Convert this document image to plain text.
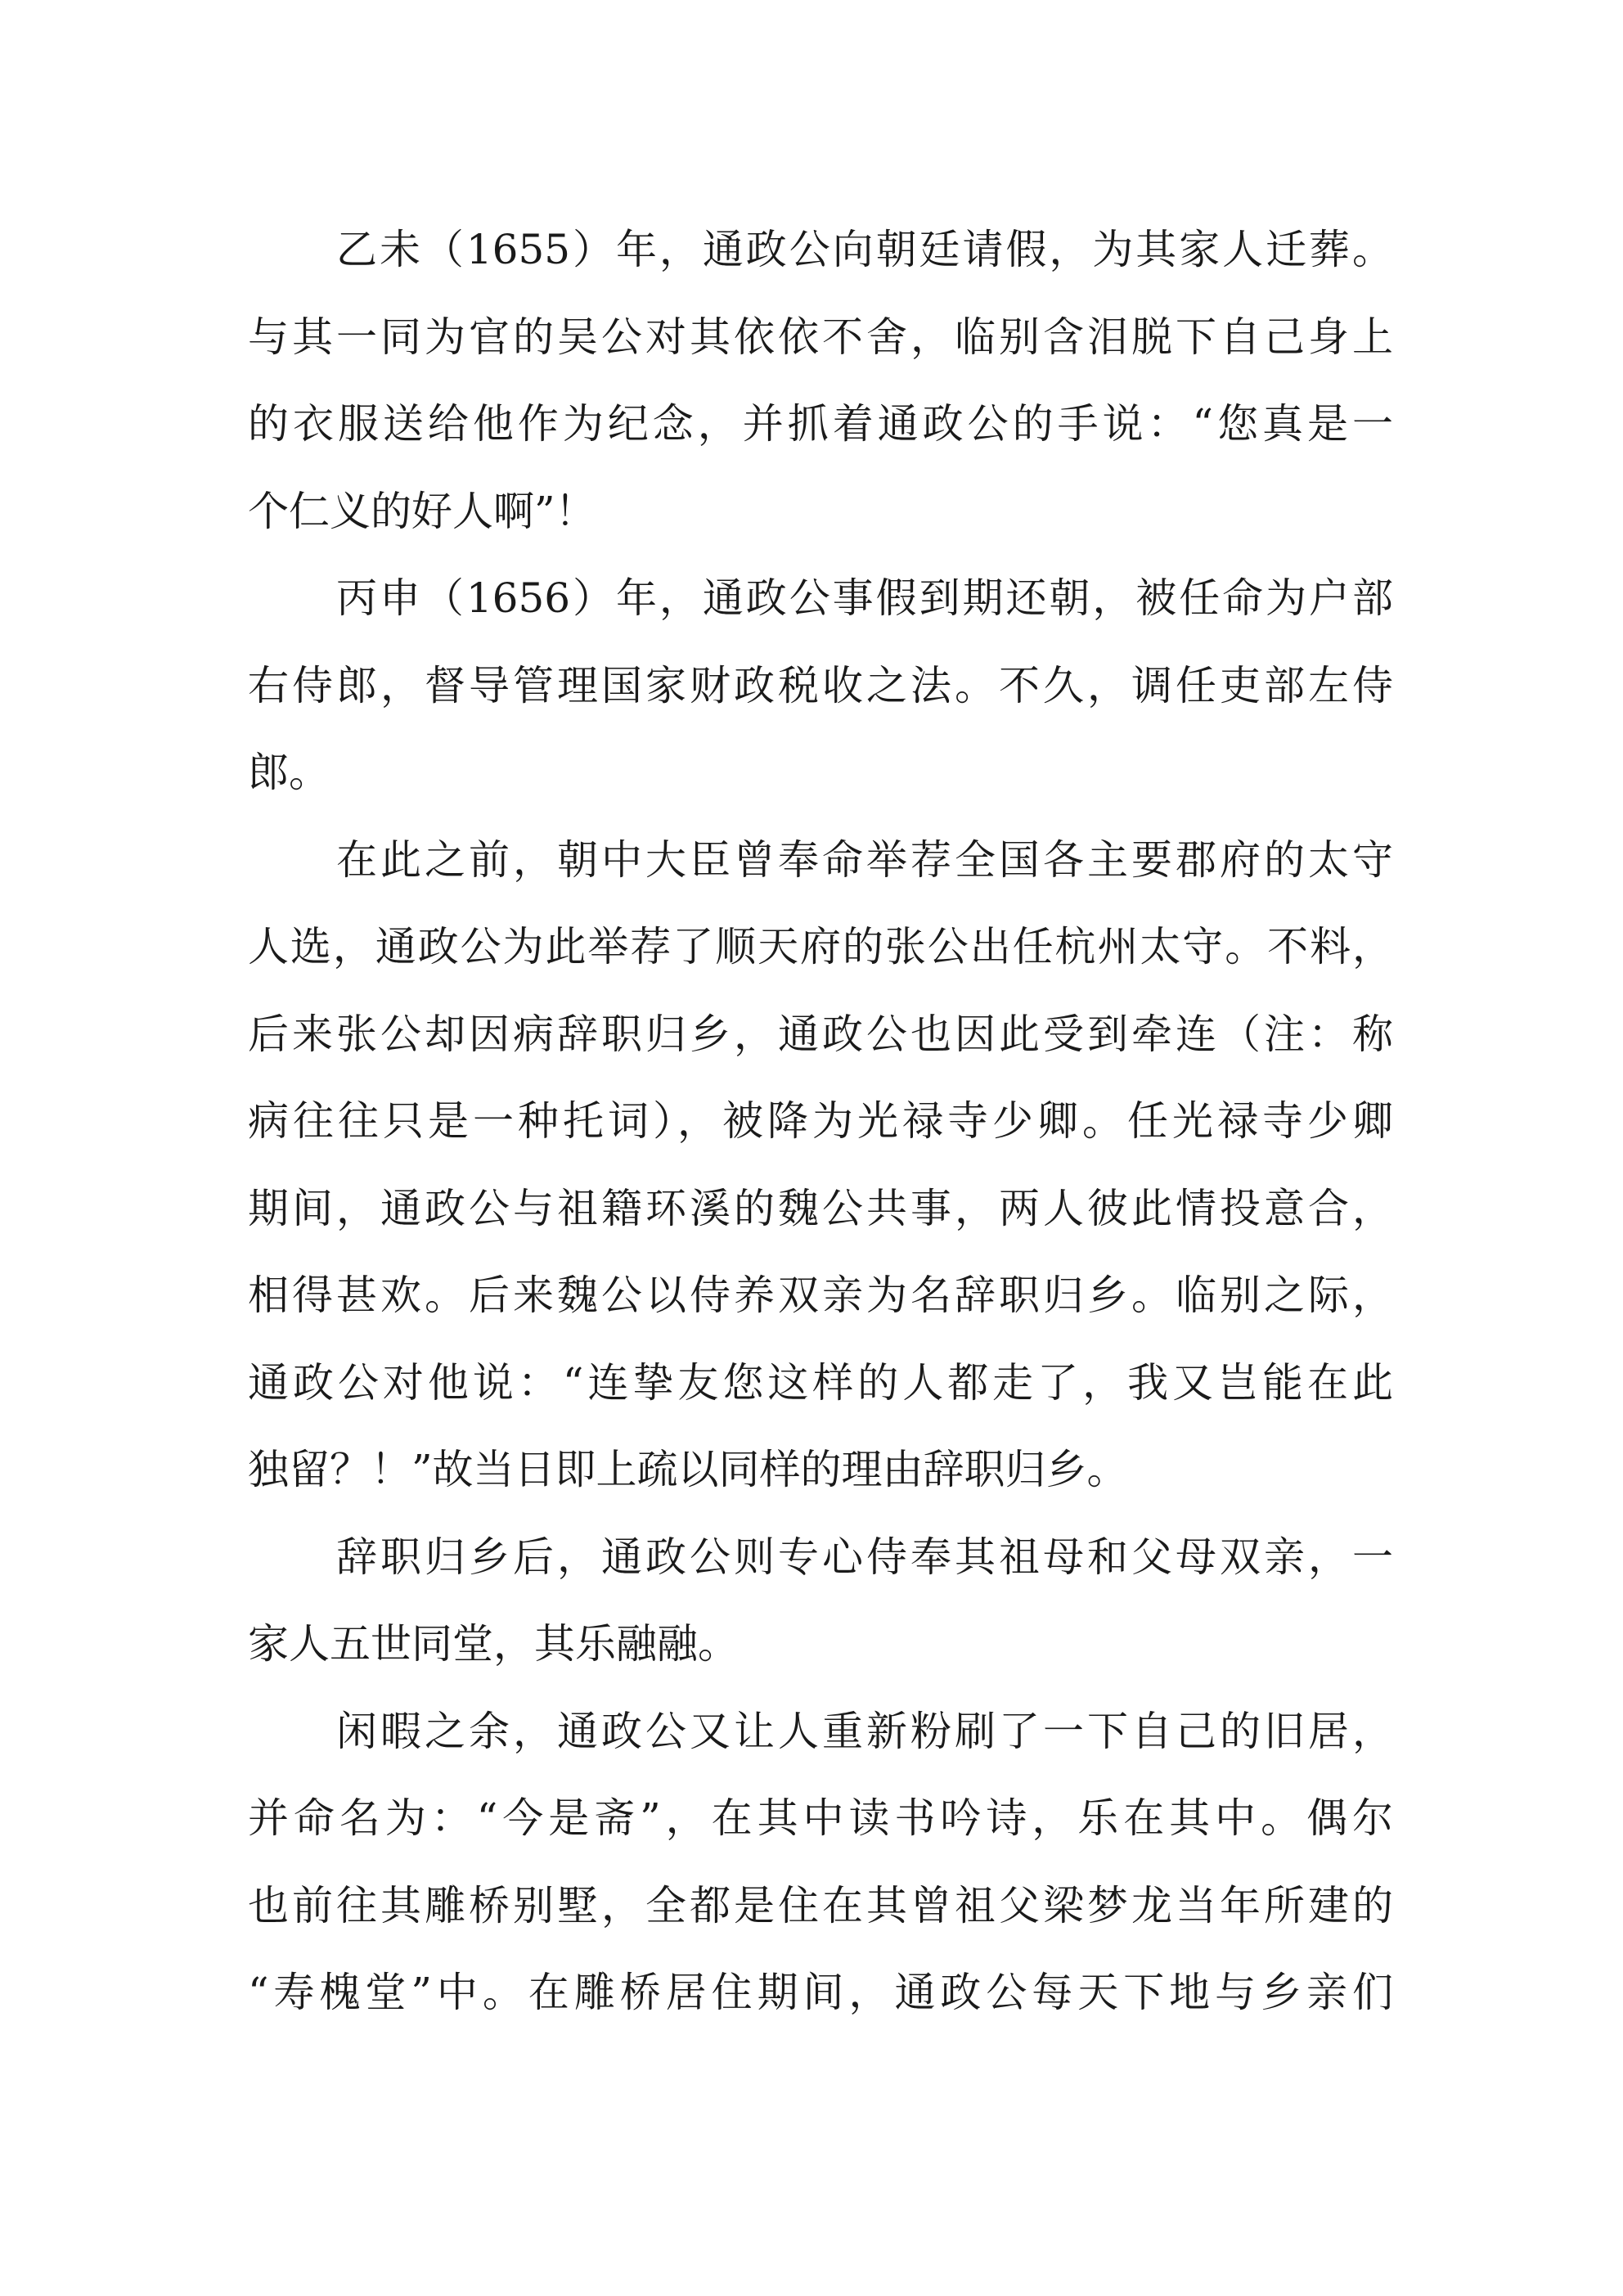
乙未（1655）年，通政公向朝廷请假，为其家人迁葬。
与其一同为官的吴公对其依依不舍，临别含泪脱下自己身上
的衣服送给他作为纪念，并抓着通政公的手说：“您真是一
个仁义的好人啊”！
丙申（1656）年，通政公事假到期还朝，被任命为户部
右侍郎，督导管理国家财政税收之法。不久，调任吏部左侍
郎。
在此之前，朝中大臣曾奉命举荐全国各主要郡府的太守
人选，通政公为此举荐了顺天府的张公出任杭州太守。不料，
后来张公却因病辞职归乡，通政公也因此受到牵连（注：称
病往往只是一种托词），被降为光禄寺少卿。任光禄寺少卿
期间，通政公与祖籍环溪的魏公共事，两人彼此情投意合，
相得甚欢。后来魏公以侍养双亲为名辞职归乡。临别之际，
通政公对他说：“连挚友您这样的人都走了，我又岂能在此
独留？！”故当日即上疏以同样的理由辞职归乡。
辞职归乡后，通政公则专心侍奉其祖母和父母双亲，一
家人五世同堂，其乐融融。
闲暇之余，通政公又让人重新粉刷了一下自己的旧居，
并命名为：“今是斋”，在其中读书吟诗，乐在其中。偶尔
也前往其雕桥别墅，全都是住在其曾祖父梁梦龙当年所建的
“寿槐堂”中。在雕桥居住期间，通政公每天下地与乡亲们
